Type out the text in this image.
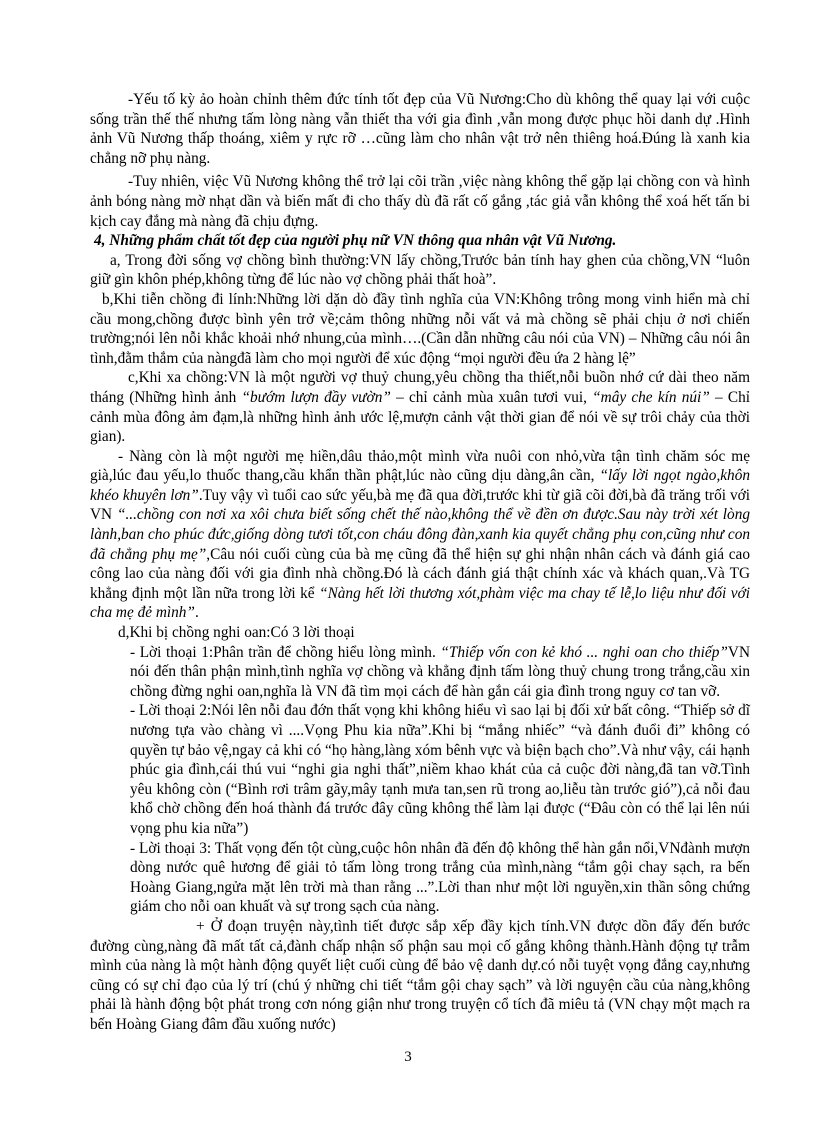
-Yếu tố kỳ ảo hoàn chỉnh thêm đức tính tốt đẹp của Vũ Nương:Cho dù không thể quay lại với cuộc sống trần thế thế nhưng tấm lòng nàng vẫn thiết tha với gia đình ,vẫn mong được phục hồi danh dự .Hình ảnh Vũ Nương thấp thoáng, xiêm y rực rỡ …cũng làm cho nhân vật trở nên thiêng hoá.Đúng là xanh kia chẳng nỡ phụ nàng.

-Tuy nhiên, việc Vũ Nương không thể trở lại cõi trần ,việc nàng không thể gặp lại chồng con và hình ảnh bóng nàng mờ nhạt dần và biến mất đi cho thấy dù đã rất cố gắng ,tác giả vẫn không thể xoá hết tấn bi kịch cay đắng mà nàng đã chịu đựng.

4, Những phẩm chất tốt đẹp của người phụ nữ VN thông qua nhân vật Vũ Nương.

a, Trong đời sống vợ chồng bình thường:VN lấy chồng,Trước bản tính hay ghen của chồng,VN “luôn giữ gìn khôn phép,không từng để lúc nào vợ chồng phải thất hoà”.

b,Khi tiễn chồng đi lính:Những lời dặn dò đầy tình nghĩa của VN:Không trông mong vinh hiển mà chỉ cầu mong,chồng được bình yên trở về;cảm thông những nỗi vất vả mà chồng sẽ phải chịu ở nơi chiến trường;nói lên nỗi khắc khoải nhớ nhung,của mình….(Cần dẫn những câu nói của VN) – Những câu nói ân tình,đằm thắm của nàngđã làm cho mọi người để xúc động “mọi người đều ứa 2 hàng lệ”

c,Khi xa chồng:VN là một người vợ thuỷ chung,yêu chồng tha thiết,nỗi buồn nhớ cứ dài theo năm tháng (Những hình ảnh “bướm lượn đầy vườn” – chỉ cảnh mùa xuân tươi vui, “mây che kín núi” – Chỉ cảnh mùa đông ảm đạm,là những hình ảnh ước lệ,mượn cảnh vật thời gian để nói về sự trôi chảy của thời gian).

- Nàng còn là một người mẹ hiền,dâu thảo,một mình vừa nuôi con nhỏ,vừa tận tình chăm sóc mẹ già,lúc đau yếu,lo thuốc thang,cầu khẩn thần phật,lúc nào cũng dịu dàng,ân cần, “lấy lời ngọt ngào,khôn khéo khuyên lơn”.Tuy vậy vì tuổi cao sức yếu,bà mẹ đã qua đời,trước khi từ giã cõi đời,bà đã trăng trối với VN “...chồng con nơi xa xôi chưa biết sống chết thế nào,không thể về đền ơn được.Sau này trời xét lòng lành,ban cho phúc đức,giống dòng tươi tốt,con cháu đông đàn,xanh kia quyết chẳng phụ con,cũng như con đã chẳng phụ mẹ”,Câu nói cuối cùng của bà mẹ cũng đã thể hiện sự ghi nhận nhân cách và đánh giá cao công lao của nàng đối với gia đình nhà chồng.Đó là cách đánh giá thật chính xác và khách quan,.Và TG khẳng định một lần nữa trong lời kể “Nàng hết lời thương xót,phàm việc ma chay tế lễ,lo liệu như đối với cha mẹ đẻ mình”.

d,Khi bị chồng nghi oan:Có 3 lời thoại

- Lời thoại 1:Phân trần để chồng hiểu lòng mình. “Thiếp vốn con kẻ khó ... nghi oan cho thiếp”VN nói đến thân phận mình,tình nghĩa vợ chồng và khẳng định tấm lòng thuỷ chung trong trắng,cầu xin chồng đừng nghi oan,nghĩa là VN đã tìm mọi cách để hàn gắn cái gia đình trong nguy cơ tan vỡ.

- Lời thoại 2:Nói lên nỗi đau đớn thất vọng khi không hiểu vì sao lại bị đối xử bất công. “Thiếp sở dĩ nương tựa vào chàng vì ....Vọng Phu kia nữa”.Khi bị “mắng nhiếc” “và đánh đuổi đi” không có quyền tự bảo vệ,ngay cả khi có “họ hàng,làng xóm bênh vực và biện bạch cho”.Và như vậy, cái hạnh phúc gia đình,cái thú vui “nghi gia nghi thất”,niềm khao khát của cả cuộc đời nàng,đã tan vỡ.Tình yêu không còn (“Bình rơi trâm gãy,mây tạnh mưa tan,sen rũ trong ao,liễu tàn trước gió”),cả nỗi đau khổ chờ chồng đến hoá thành đá trước đây cũng không thể làm lại được (“Đâu còn có thể lại lên núi vọng phu kia nữa”)

- Lời thoại 3: Thất vọng đến tột cùng,cuộc hôn nhân đã đến độ không thể hàn gắn nổi,VNđành mượn dòng nước quê hương để giải tỏ tấm lòng trong trắng của mình,nàng “tắm gội chay sạch, ra bến Hoàng Giang,ngửa mặt lên trời mà than rằng ...”.Lời than như một lời nguyền,xin thần sông chứng giám cho nỗi oan khuất và sự trong sạch của nàng.

+ Ở đoạn truyện này,tình tiết được sắp xếp đầy kịch tính.VN được dồn đẩy đến bước đường cùng,nàng đã mất tất cả,đành chấp nhận số phận sau mọi cố gắng không thành.Hành động tự trẫm mình của nàng là một hành động quyết liệt cuối cùng để bảo vệ danh dự.có nỗi tuyệt vọng đắng cay,nhưng cũng có sự chỉ đạo của lý trí (chú ý những chi tiết “tắm gội chay sạch” và lời nguyện cầu của nàng,không phải là hành động bột phát trong cơn nóng giận như trong truyện cổ tích đã miêu tả (VN chạy một mạch ra bến Hoàng Giang đâm đầu xuống nước)

3
